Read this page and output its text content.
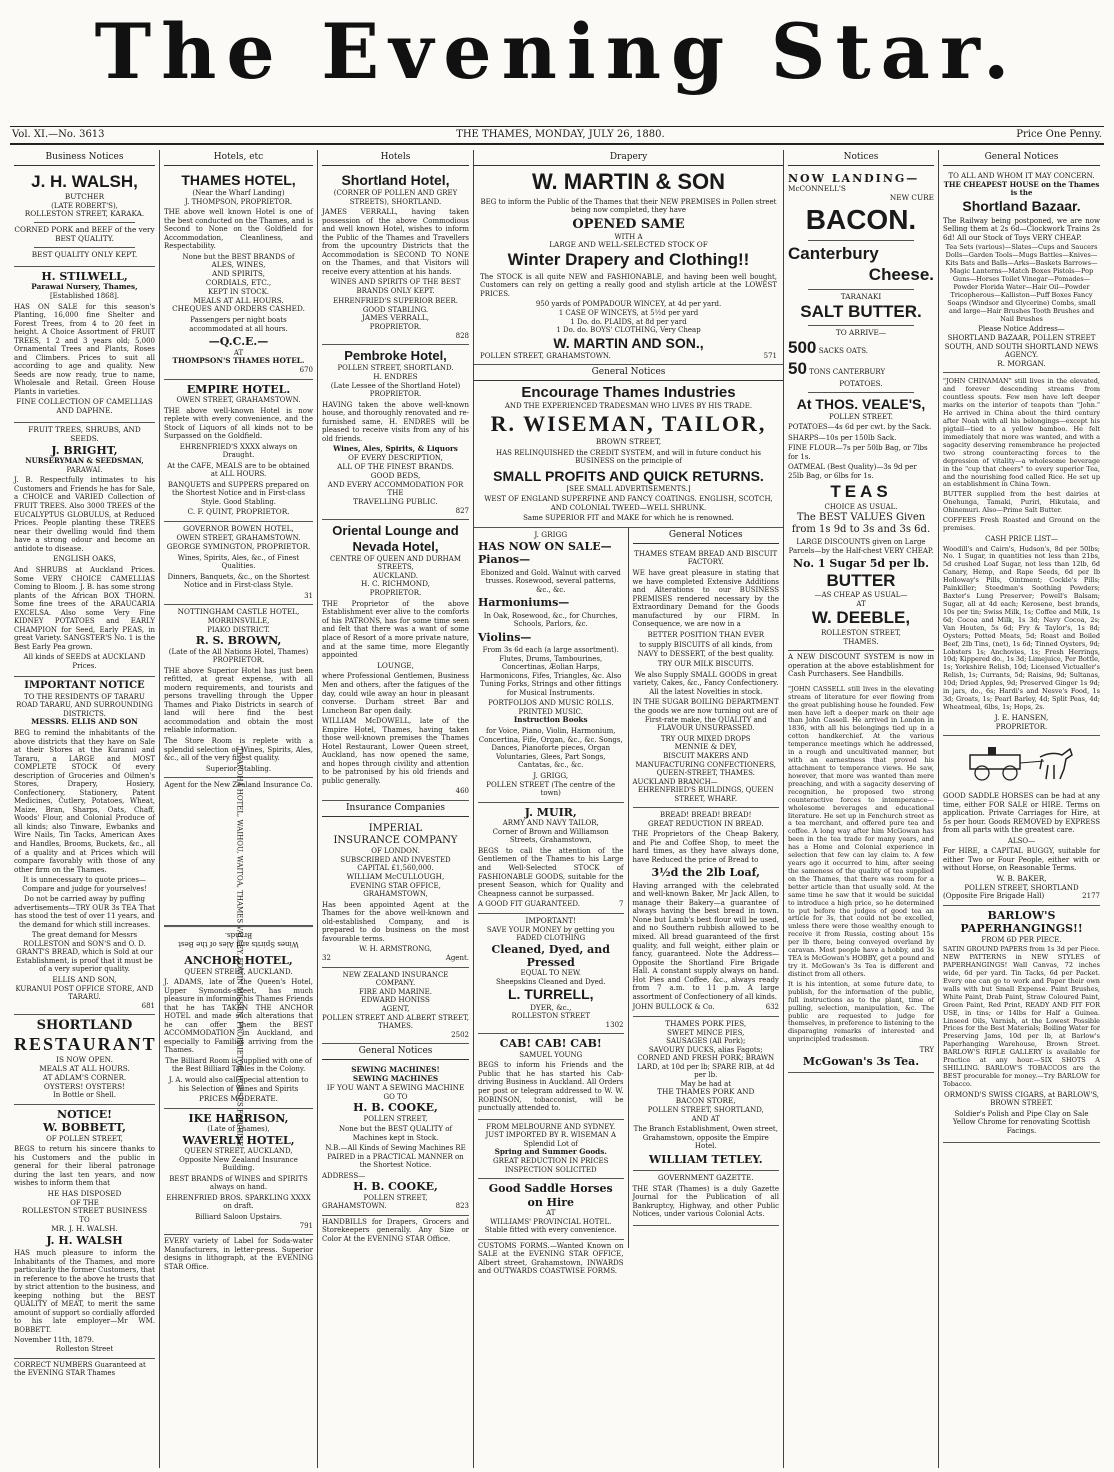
The Evening Star.
Vol. XI.—No. 3613	THE THAMES, MONDAY, JULY 26, 1880.	Price One Penny.
Business Notices
J. H. WALSH,
BUTCHER
(LATE ROBERT'S),
ROLLESTON STREET, KARAKA.

CORNED PORK and BEEF of the very BEST QUALITY.

BEST QUALITY ONLY KEPT.

H. STILWELL,
Parawai Nursery, Thames,
[Established 1868].

HAS ON SALE for this season's Planting, 16,000 fine Shelter and Forest Trees, from 4 to 20 feet in height. A Choice Assortment of FRUIT TREES, 1 2 and 3 years old; 5,000 Ornamental Trees and Plants, Roses and Climbers. Prices to suit all according to age and quality. New Seeds are now ready, true to name, Wholesale and Retail. Green House Plants in varieties.

FINE COLLECTION OF CAMELLIAS AND DAPHNE.

FRUIT TREES, SHRUBS, AND SEEDS.
J. BRIGHT,
NURSERYMAN & SEEDSMAN,
PARAWAI.

J. B. Respectfully intimates to his Customers and Friends he has for Sale, a CHOICE and VARIED Collection of FRUIT TREES. Also 3000 TREES of the EUCALYPTUS GLOBULUS, at Reduced Prices. People planting these TREES near their dwelling would find them have a strong odour and become an antidote to disease.

ENGLISH OAKS,

And SHRUBS at Auckland Prices. Some VERY CHOICE CAMELLIAS Coming to Bloom. J. B. has some strong plants of the African BOX THORN. Some fine trees of the ARAUCARIA EXCELSA. Also some Very Fine KIDNEY POTATOES and EARLY CHAMPION for Seed, Early PEAS, in great Variety. SANGSTER'S No. 1 is the Best Early Pea grown.

All kinds of SEEDS at AUCKLAND Prices.

IMPORTANT NOTICE
TO THE RESIDENTS OF TARARU ROAD TARARU, AND SURROUNDING DISTRICTS.
MESSRS. ELLIS AND SON

BEG to remind the inhabitants of the above districts that they have on Sale at their Stores at the Kuranui and Tararu, a LARGE and MOST COMPLETE STOCK Of every description of Groceries and Oilmen's Stores, Drapery, Hosiery, Confectionery, Stationery, Patent Medicines, Cutlery, Potatoes, Wheat, Maize, Bran, Sharps, Oats, Chaff, Woods' Flour, and Colonial Produce of all kinds; also Tinware, Ewbanks and Wire Nails, Tin Tacks, American Axes and Handles, Brooms, Buckets, &c., all of a quality and at Prices which will compare favorably with those of any other firm on the Thames.

It is unnecessary to quote prices—Compare and judge for yourselves!

Do not be carried away by puffing advertisements—TRY OUR 3s TEA That has stood the test of over 11 years, and the demand for which still increases.

The great demand for Messrs ROLLESTON and SON'S and O. D. GRANT'S BREAD, which is Sold at our Establishment, is proof that it must be of a very superior quality.

ELLIS AND SON,
KURANUI POST OFFICE STORE, AND TARARU.
681
SHORTLAND
RESTAURANT
IS NOW OPEN.
MEALS AT ALL HOURS.
AT ADLAM'S CORNER.
OYSTERS! OYSTERS!
In Bottle or Shell.
NOTICE!
W. BOBBETT,
OF POLLEN STREET,

BEGS to return his sincere thanks to his Customers and the public in general for their liberal patronage during the last ten years, and now wishes to inform them that

HE HAS DISPOSED
OF THE
ROLLESTON STREET BUSINESS
TO
MR. J. H. WALSH.
J. H. WALSH

HAS much pleasure to inform the Inhabitants of the Thames, and more particularly the former Customers, that in reference to the above he trusts that by strict attention to the business, and keeping nothing but the BEST QUALITY of MEAT, to merit the same amount of support so cordially afforded to his late employer—Mr WM. BOBBETT.

November 11th, 1879.
Rolleston Street

CORRECT NUMBERS Guaranteed at the EVENING STAR Thames

Hotels, etc
THAMES HOTEL,
(Near the Wharf Landing)
J. THOMPSON, PROPRIETOR.

THE above well known Hotel is one of the best conducted on the Thames, and is Second to None on the Goldfield for Accommodation, Cleanliness, and Respectability.

None but the BEST BRANDS of
ALES, WINES,
AND SPIRITS,
CORDIALS, ETC.,
KEPT IN STOCK.
MEALS AT ALL HOURS.
CHEQUES AND ORDERS CASHED.

Passengers per night boats accommodated at all hours.

—Q.C.E.—
AT
THOMPSON'S THAMES HOTEL.
670
EMPIRE HOTEL.
OWEN STREET, GRAHAMSTOWN.

THE above well-known Hotel is now replete with every convenience, and the Stock of Liquors of all kinds not to be Surpassed on the Goldfield.

EHRENFRIED'S XXXX always on Draught.

At the CAFE, MEALS are to be obtained at ALL HOURS.

BANQUETS and SUPPERS prepared on the Shortest Notice and in First-class Style. Good Stabling.

C. F. QUINT, PROPRIETOR.
GOVERNOR BOWEN HOTEL,
OWEN STREET, GRAHAMSTOWN.
GEORGE SYMINGTON, PROPRIETOR.

Wines, Spirits, Ales, &c., of Finest Qualities.

Dinners, Banquets, &c., on the Shortest Notice and in First-class Style.

31
NOTTINGHAM CASTLE HOTEL,
MORRINSVILLE,
PIAKO DISTRICT.
R. S. BROWN,
(Late of the All Nations Hotel, Thames) PROPRIETOR.

THE above Superior Hotel has just been refitted, at great expense, with all modern requirements, and tourists and persons travelling through the Upper Thames and Piako Districts in search of land will here find the best accommodation and obtain the most reliable information.

The Store Room is replete with a splendid selection of Wines, Spirits, Ales, &c., all of the very finest quality.

Superior Stabling.
Agent for the New Zealand Insurance Co.
TE AROHA HOTEL, WAIHOU, WAITOA, THAMES VALLEY. EDWIN MISSEN, PROPRIETOR. HORSES FOR HIRE.
Wines Spirits and Ales of the Best Brands.
ANCHOR HOTEL,
QUEEN STREET, AUCKLAND.

J. ADAMS, late of the Queen's Hotel, Upper Symonds-street, has much pleasure in informing his Thames Friends that he has TAKEN THE ANCHOR HOTEL and made such alterations that he can offer them the BEST ACCOMMODATION in Auckland, and especially to Families arriving from the Thames.

The Billiard Room is supplied with one of the Best Billiard Tables in the Colony.

J. A. would also call special attention to his Selection of Wines and Spirits

PRICES MODERATE.
IKE HARRISON,
(Late of Thames),
WAVERLY HOTEL,
QUEEN STREET, AUCKLAND,
Opposite New Zealand Insurance Building.

BEST BRANDS of WINES and SPIRITS always on hand.

EHRENFRIED BROS. SPARKLING XXXX on draft.

Billiard Saloon Upstairs.
791

EVERY variety of Label for Soda-water Manufacturers, in letter-press. Superior designs in lithograph, at the EVENING STAR Office.

Hotels
Shortland Hotel,
(CORNER OF POLLEN AND GREY STREETS), SHORTLAND.

JAMES VERRALL, having taken possession of the above Commodious and well known Hotel, wishes to inform the Public of the Thames and Travellers from the upcountry Districts that the Accommodation is SECOND TO NONE on the Thames, and that Visitors will receive every attention at his hands.

WINES AND SPIRITS OF THE BEST BRANDS ONLY KEPT.

EHRENFRIED'S SUPERIOR BEER.
GOOD STABLING.
JAMES VERRALL,
PROPRIETOR.
828
Pembroke Hotel,
POLLEN STREET, SHORTLAND.
H. ENDRES
(Late Lessee of the Shortland Hotel) PROPRIETOR.

HAVING taken the above well-known house, and thoroughly renovated and re-furnished same, H. ENDRES will be pleased to receive visits from any of his old friends.

Wines, Ales, Spirits, & Liquors
OF EVERY DESCRIPTION,
ALL OF THE FINEST BRANDS.
GOOD BEDS,
AND EVERY ACCOMMODATION FOR THE
TRAVELLING PUBLIC.
827
Oriental Lounge and Nevada Hotel,
CENTRE OF QUEEN AND DURHAM STREETS,
AUCKLAND.
H. C. RICHMOND,
PROPRIETOR.

THE Proprietor of the above Establishment ever alive to the comforts of his PATRONS, has for some time seen and felt that there was a want of some place of Resort of a more private nature, and at the same time, more Elegantly appointed

LOUNGE,

where Professional Gentlemen, Business Men and others, after the fatigues of the day, could wile away an hour in pleasant converse. Durham street Bar and Luncheon Bar open daily.

WILLIAM McDOWELL, late of the Empire Hotel, Thames, having taken those well-known premises the Thames Hotel Restaurant, Lower Queen street, Auckland, has now opened the same, and hopes through civility and attention to be patronised by his old friends and public generally.

460
Insurance Companies
IMPERIAL
INSURANCE COMPANY
OF LONDON.
SUBSCRIBED AND INVESTED
CAPITAL £1,560,000.
WILLIAM McCULLOUGH,
EVENING STAR OFFICE, GRAHAMSTOWN,

Has been appointed Agent at the Thames for the above well-known and old-established Company, and is prepared to do business on the most favourable terms.

W. H. ARMSTRONG,
32	Agent.
NEW ZEALAND INSURANCE COMPANY.
FIRE AND MARINE.
EDWARD HONISS
AGENT,
POLLEN STREET AND ALBERT STREET, THAMES.
2502
General Notices
SEWING MACHINES!
SEWING MACHINES
IF YOU WANT A SEWING MACHINE
GO TO
H. B. COOKE,
POLLEN STREET,

None but the BEST QUALITY of Machines kept in Stock.

N.B.—All Kinds of Sewing Machines RE PAIRED in a PRACTICAL MANNER on the Shortest Notice.

ADDRESS—
H. B. COOKE,
POLLEN STREET,
GRAHAMSTOWN.	823

HANDBILLS for Drapers, Grocers and Storekeepers generally. Any Size or Color At the EVENING STAR Office.

Drapery
W. MARTIN & SON

BEG to inform the Public of the Thames that their NEW PREMISES in Pollen street being now completed, they have

OPENED SAME
WITH A
LARGE AND WELL-SELECTED STOCK OF
Winter Drapery and Clothing!!

The STOCK is all quite NEW and FASHIONABLE, and having been well bought, Customers can rely on getting a really good and stylish article at the LOWEST PRICES.

950 yards of POMPADOUR WINCEY, at 4d per yard.
1 CASE OF WINCEYS, at 5½d per yard
1 Do. do. PLAIDS, at 8d per yard
1 Do. do. BOYS' CLOTHING, Very Cheap
W. MARTIN AND SON.,
POLLEN STREET, GRAHAMSTOWN.	571
General Notices
Encourage Thames Industries
AND THE EXPERIENCED TRADESMAN WHO LIVES BY HIS TRADE.
R. WISEMAN, TAILOR,
BROWN STREET,

HAS RELINQUISHED the CREDIT SYSTEM, and will in future conduct his BUSINESS on the principle of

SMALL PROFITS AND QUICK RETURNS.
[SEE SMALL ADVERTISEMENTS.]

WEST OF ENGLAND SUPERFINE AND FANCY COATINGS. ENGLISH, SCOTCH, AND COLONIAL TWEED—WELL SHRUNK.

Same SUPERIOR FIT and MAKE for which he is renowned.
J. GRIGG
HAS NOW ON SALE—
Pianos—

Ebonized and Gold. Walnut with carved trusses. Rosewood, several patterns, &c., &c.

Harmoniums—

In Oak, Rosewood, &c., for Churches, Schools, Parlors, &c.

Violins—

From 3s 6d each (a large assortment). Flutes, Drums, Tambourines, Concertinas, Æolian Harps, Harmonicons, Fifes, Triangles, &c. Also Tuning Forks, Strings and other fittings for Musical Instruments.

PORTFOLIOS AND MUSIC ROLLS.
PRINTED MUSIC.
Instruction Books

for Voice, Piano, Violin, Harmonium, Concertina, Fife, Organ, &c., &c. Songs, Dances, Pianoforte pieces, Organ Voluntaries, Glees, Part Songs, Cantatas, &c., &c.

J. GRIGG,
POLLEN STREET (The centre of the town)
J. MUIR,
ARMY AND NAVY TAILOR,
Corner of Brown and Williamson Streets, Grahamstown,

BEGS to call the attention of the Gentlemen of the Thames to his Large and Well-Selected STOCK of FASHIONABLE GOODS, suitable for the present Season, which for Quality and Cheapness cannot be surpassed.

A GOOD FIT GUARANTEED.	7
IMPORTANT!
SAVE YOUR MONEY by getting you FADED CLOTHING
Cleaned, Dyed, and Pressed
EQUAL TO NEW.
Sheepskins Cleaned and Dyed.
L. TURRELL,
DYER, &c.,
ROLLESTON STREET
1302
CAB! CAB! CAB!
SAMUEL YOUNG

BEGS to inform his Friends and the Public that he has started his Cab-driving Business in Auckland. All Orders per post or telegram addressed to W. W. ROBINSON, tobacconist, will be punctually attended to.

FROM MELBOURNE AND SYDNEY.
JUST IMPORTED BY R. WISEMAN A Splendid Lot of
Spring and Summer Goods.
GREAT REDUCTION IN PRICES INSPECTION SOLICITED
Good Saddle Horses
on Hire
AT
WILLIAMS' PROVINCIAL HOTEL.
Stable fitted with every convenience.

CUSTOMS FORMS.—Wanted Known on SALE at the EVENING STAR OFFICE, Albert street, Grahamstown, INWARDS and OUTWARDS COASTWISE FORMS.

General Notices
THAMES STEAM BREAD AND BISCUIT FACTORY.

WE have great pleasure in stating that we have completed Extensive Additions and Alterations to our BUSINESS PREMISES rendered necessary by the Extraordinary Demand for the Goods manufactured by our FIRM. In Consequence, we are now in a

BETTER POSITION THAN EVER

to supply BISCUITS of all kinds, from NAVY to DESSERT, of the best quality.

TRY OUR MILK BISCUITS.

We also Supply SMALL GOODS in great variety, Cakes, &c., Fancy Confectionery. All the latest Novelties in stock.

IN THE SUGAR BOILING DEPARTMENT the goods we are now turning out are of First-rate make, the QUALITY and FLAVOUR UNSURPASSED.

TRY OUR MIXED DROPS
MENNIE & DEY,
BISCUIT MAKERS AND MANUFACTURING CONFECTIONERS,
QUEEN-STREET, THAMES.
AUCKLAND BRANCH—
EHRENFRIED'S BUILDINGS, QUEEN STREET, WHARF.
BREAD! BREAD! BREAD!
GREAT REDUCTION IN BREAD.

THE Proprietors of the Cheap Bakery, and Pie and Coffee Shop, to meet the hard times, as they have always done, have Reduced the price of Bread to

3½d the 2lb Loaf,

Having arranged with the celebrated and well-known Baker, Mr Jack Allen, to manage their Bakery—a guarantee of always having the best bread in town. None but Lamb's best flour will be used, and no Southern rubbish allowed to be mixed. All bread guaranteed of the first quality, and full weight, either plain or fancy, guaranteed. Note the Address—Opposite the Shortland Fire Brigade Hall. A constant supply always on hand. Hot Pies and Coffee, &c., always ready from 7 a.m. to 11 p.m. A large assortment of Confectionery of all kinds.

JOHN BULLOCK & Co.	632
THAMES PORK PIES,
SWEET MINCE PIES,
SAUSAGES (All Pork);
SAVOURY DUCKS, alias Fagots;
CORNED AND FRESH PORK; BRAWN
LARD, at 10d per lb; SPARE RIB, at 4d per lb.
May be had at
THE THAMES PORK AND
BACON STORE,
POLLEN STREET, SHORTLAND,
AND AT

The Branch Establishment, Owen street, Grahamstown, opposite the Empire Hotel.

WILLIAM TETLEY.
GOVERNMENT GAZETTE.

THE STAR (Thames) is a duly Gazette Journal for the Publication of all Bankruptcy, Highway, and other Public Notices, under various Colonial Acts.

Notices
NOW LANDING—
McCONNELL'S
NEW CURE
BACON.
Canterbury
Cheese.
TARANAKI
SALT BUTTER.
TO ARRIVE—
500 SACKS OATS.
50 TONS CANTERBURY
POTATOES.
At THOS. VEALE'S,
POLLEN STREET.

POTATOES—4s 6d per cwt. by the Sack.

SHARPS—10s per 150lb Sack.

FINE FLOUR—7s per 50lb Bag, or 7lbs for 1s.

OATMEAL (Best Quality)—3s 9d per 25lb Bag, or 6lbs for 1s.

TEAS
CHOICE AS USUAL.
The BEST VALUES Given from 1s 9d to 3s and 3s 6d.

LARGE DISCOUNTS given on Large Parcels—by the Half-chest VERY CHEAP.

No. 1 Sugar 5d per lb.
BUTTER
—AS CHEAP AS USUAL—
AT
W. DEEBLE,
ROLLESTON STREET,
THAMES.

A NEW DISCOUNT SYSTEM is now in operation at the above establishment for Cash Purchasers. See Handbills.

"JOHN CASSELL still lives in the elevating stream of literature for ever flowing from the great publishing house he founded. Few men have left a deeper mark on their age than John Cassell. He arrived in London in 1836, with all his belongings tied up in a cotton handkerchief. At the various temperance meetings which he addressed, in a rough and uncultivated manner, but with an earnestness that proved his attachment to temperance views. He saw, however, that more was wanted than mere preaching, and with a sagacity deserving of recognition, he proposed two strong counteractive forces to intemperance—wholesome beverages and educational literature. He set up in Fenchurch street as a tea merchant, and offered pure tea and coffee. A long way after him McGowan has been in the tea trade for many years, and has a Home and Colonial experience in selection that few can lay claim to. A few years ago it occurred to him, after seeing the sameness of the quality of tea supplied on the Thames, that there was room for a better article than that usually sold. At the same time he saw that it would be suicidal to introduce a high price, so he determined to put before the judges of good tea an article for 3s, that could not be excelled, unless there were those wealthy enough to receive it from Russia, costing about 15s per lb there, being conveyed overland by caravan. Most people have a hobby, and 3s TEA is McGowan's HOBBY, get a pound and try it. McGowan's 3s Tea is different and distinct from all others.

It is his intention, at some future date, to publish, for the information of the public, full instructions as to the plant, time of pulling, selection, manipulation, &c. The public are requested to judge for themselves, in preference to listening to the disparaging remarks of interested and unprincipled tradesmen.

TRY
McGowan's 3s Tea.
General Notices
TO ALL AND WHOM IT MAY CONCERN.
THE CHEAPEST HOUSE on the Thames is the
Shortland Bazaar.

The Railway being postponed, we are now Selling them at 2s 6d—Clockwork Trains 2s 6d! All our Stock of Toys VERY CHEAP.

Tea Sets (various)—Slates—Cups and Saucers Dolls—Garden Tools—Mugs Battles—Knives—Kits Bats and Balls—Arks—Baskets Barrows—Magic Lanterns—Match Boxes Pistols—Pop Guns—Horses Toilet Vinegar—Pomades—Powder Florida Water—Hair Oil—Powder Tricopherous—Kalliston—Puff Boxes Fancy Soaps (Windsor and Glycerine) Combs, small and large—Hair Brushes Tooth Brushes and Nail Brushes

Please Notice Address—
SHORTLAND BAZAAR, POLLEN STREET SOUTH, AND SOUTH SHORTLAND NEWS AGENCY.
R. MORGAN.

"JOHN CHINAMAN" still lives in the elevated, and forever descending streams from countless spouts. Few men have left deeper marks on the interior of teapots than "John." He arrived in China about the third century after Noah with all his belongings—except his pigtail—tied to a yellow bamboo. He felt immediately that more was wanted, and with a sagacity deserving remembrance he projected two strong counteracting forces to the depression of vitality—a wholesome beverage in the "cup that cheers" to every superior Tea, and the nourishing food called Rice. He set up an establishment in China Town.

BUTTER supplied from the best dairies at Onehunga, Tamaki, Puriri, Hikutaia, and Ohinemuri. Also—Prime Salt Butter.

COFFEES Fresh Roasted and Ground on the premises.

CASH PRICE LIST—

Woodill's and Cairn's, Hudson's, 8d per 50lbs; No. 1 Sugar, in quantities not less than 21bs, 5d crushed Loaf Sugar, not less than 12lb, 6d Canary, Hemp, and Rape Seeds, 6d per lb Holloway's Pills, Ointment; Cockle's Pills; Painkiller; Steedman's Soothing Powders; Baxter's Lung Preserver; Powell's Balsam; Sugar, all at 4d each; Kerosene, best brands, 10s per tin; Swiss Milk, 1s; Coffee and Milk, 1s 6d; Cocoa and Milk, 1s 3d; Navy Cocoa, 2s; Van Houten, 5s 6d; Fry & Taylor's, 1s 8d; Oysters; Potted Meats, 5d; Roast and Boiled Beef, 2lb Tins, (net), 1s 6d; Tinned Oysters, 9d; Lobsters 1s; Anchovies, 1s; Fresh Herrings, 10d; Kippered do., 1s 3d; Limejuice, Per Bottle, 1s; Yorkshire Relish, 10d; Licensed Victualler's Relish, 1s; Currants, 5d; Raisins, 9d; Sultanas, 10d; Dried Apples, 9d; Preserved Ginger 1s 9d; in jars, do., 6s; Hardi's and Nesve's Food, 1s 3d; Groats, 1s; Pearl Barley, 4d; Split Peas, 4d; Wheatmeal, 6lbs, 1s; Hops, 2s.

J. E. HANSEN,
PROPRIETOR.

GOOD SADDLE HORSES can be had at any time, either FOR SALE or HIRE. Terms on application. Private Carriages for Hire, at 5s per hour. Goods REMOVED by EXPRESS from all parts with the greatest care.

ALSO—

For HIRE, a CAPITAL BUGGY, suitable for either Two or Four People, either with or without Horse, on Reasonable Terms.

W. B. BAKER,
POLLEN STREET, SHORTLAND
(Opposite Fire Brigade Hall)	2177
BARLOW'S
PAPERHANGINGS!!
FROM 6D PER PIECE.

SATIN GROUND PAPERS from 1s 3d per Piece. NEW PATTERNS in NEW STYLES of PAPERHANGINGS! Wall Canvas, 72 inches wide, 6d per yard. Tin Tacks, 6d per Packet. Every one can go to work and Paper their own walls with but Small Expense. Paint Brushes, White Paint, Drab Paint, Straw Coloured Paint, Green Paint, Red Print, READY AND FIT FOR USE, in tins; or 14lbs for Half a Guinea. Linseed Oils, Varnish, at the Lowest Possible Prices for the Best Materials; Boiling Water for Preserving Jams, 10d per lb, at Barlow's Paperhanging Warehouse, Brown Street. BARLOW'S RIFLE GALLERY is available for Practice at any hour.—SIX SHOTS A SHILLING. BARLOW'S TOBACCOS are the BEST procurable for money.—Try BARLOW for Tobacco.

ORMOND'S SWISS CIGARS, at BARLOW'S, BROWN STREET.

Soldier's Polish and Pipe Clay on Sale Yellow Chrome for renovating Scottish Facings.
